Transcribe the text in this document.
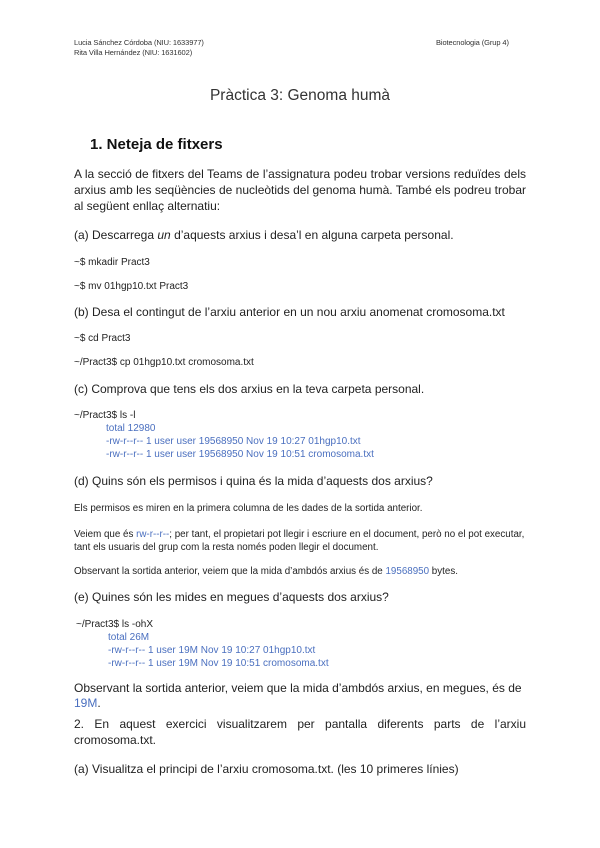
Lucia Sánchez Córdoba (NIU: 1633977)
Rita Villa Hernández (NIU: 1631602)
Biotecnologia (Grup 4)
Pràctica 3: Genoma humà
1. Neteja de fitxers
A la secció de fitxers del Teams de l’assignatura podeu trobar versions reduïdes dels arxius amb les seqüències de nucleòtids del genoma humà. També els podreu trobar al següent enllaç alternatiu:
(a) Descarrega un d’aquests arxius i desa’l en alguna carpeta personal.
~$ mkadir Pract3
~$ mv 01hgp10.txt Pract3
(b) Desa el contingut de l’arxiu anterior en un nou arxiu anomenat cromosoma.txt
~$ cd Pract3
~/Pract3$ cp 01hgp10.txt cromosoma.txt
(c) Comprova que tens els dos arxius en la teva carpeta personal.
~/Pract3$ ls -l
total 12980
-rw-r--r-- 1 user user 19568950 Nov 19 10:27 01hgp10.txt
-rw-r--r-- 1 user user 19568950 Nov 19 10:51 cromosoma.txt
(d) Quins són els permisos i quina és la mida d’aquests dos arxius?
Els permisos es miren en la primera columna de les dades de la sortida anterior.
Veiem que és rw-r--r--; per tant, el propietari pot llegir i escriure en el document, però no el pot executar, tant els usuaris del grup com la resta només poden llegir el document.
Observant la sortida anterior, veiem que la mida d’ambdós arxius és de 19568950 bytes.
(e) Quines són les mides en megues d’aquests dos arxius?
~/Pract3$ ls -ohX
total 26M
-rw-r--r-- 1 user 19M Nov 19 10:27 01hgp10.txt
-rw-r--r-- 1 user 19M Nov 19 10:51 cromosoma.txt
Observant la sortida anterior, veiem que la mida d’ambdós arxius, en megues, és de 19M.
2. En aquest exercici visualitzarem per pantalla diferents parts de l’arxiu cromosoma.txt.
(a) Visualitza el principi de l’arxiu cromosoma.txt. (les 10 primeres línies)
